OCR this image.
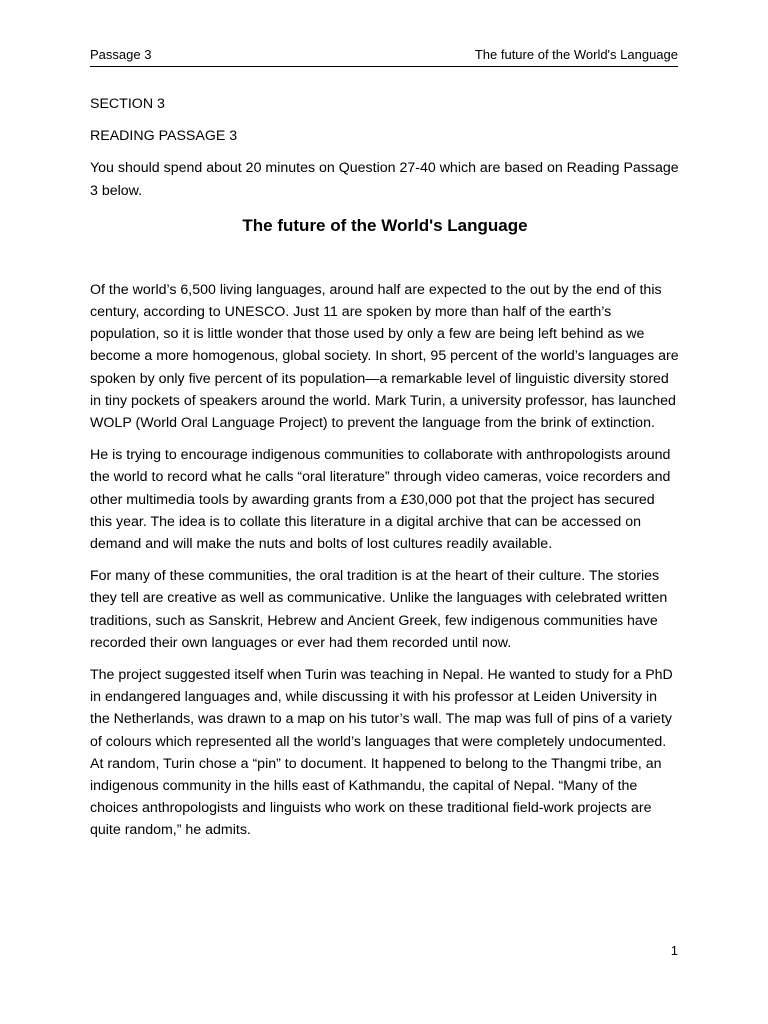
Passage 3	The future of the World's Language

SECTION 3

READING PASSAGE 3

You should spend about 20 minutes on Question 27-40 which are based on Reading Passage 3 below.

The future of the World's Language

Of the world’s 6,500 living languages, around half are expected to the out by the end of this century, according to UNESCO. Just 11 are spoken by more than half of the earth’s population, so it is little wonder that those used by only a few are being left behind as we become a more homogenous, global society. In short, 95 percent of the world’s languages are spoken by only five percent of its population—a remarkable level of linguistic diversity stored in tiny pockets of speakers around the world. Mark Turin, a university professor, has launched WOLP (World Oral Language Project) to prevent the language from the brink of extinction.

He is trying to encourage indigenous communities to collaborate with anthropologists around the world to record what he calls “oral literature” through video cameras, voice recorders and other multimedia tools by awarding grants from a £30,000 pot that the project has secured this year. The idea is to collate this literature in a digital archive that can be accessed on demand and will make the nuts and bolts of lost cultures readily available.

For many of these communities, the oral tradition is at the heart of their culture. The stories they tell are creative as well as communicative. Unlike the languages with celebrated written traditions, such as Sanskrit, Hebrew and Ancient Greek, few indigenous communities have recorded their own languages or ever had them recorded until now.

The project suggested itself when Turin was teaching in Nepal. He wanted to study for a PhD in endangered languages and, while discussing it with his professor at Leiden University in the Netherlands, was drawn to a map on his tutor’s wall. The map was full of pins of a variety of colours which represented all the world’s languages that were completely undocumented. At random, Turin chose a “pin” to document. It happened to belong to the Thangmi tribe, an indigenous community in the hills east of Kathmandu, the capital of Nepal. “Many of the choices anthropologists and linguists who work on these traditional field-work projects are quite random,” he admits.

1
